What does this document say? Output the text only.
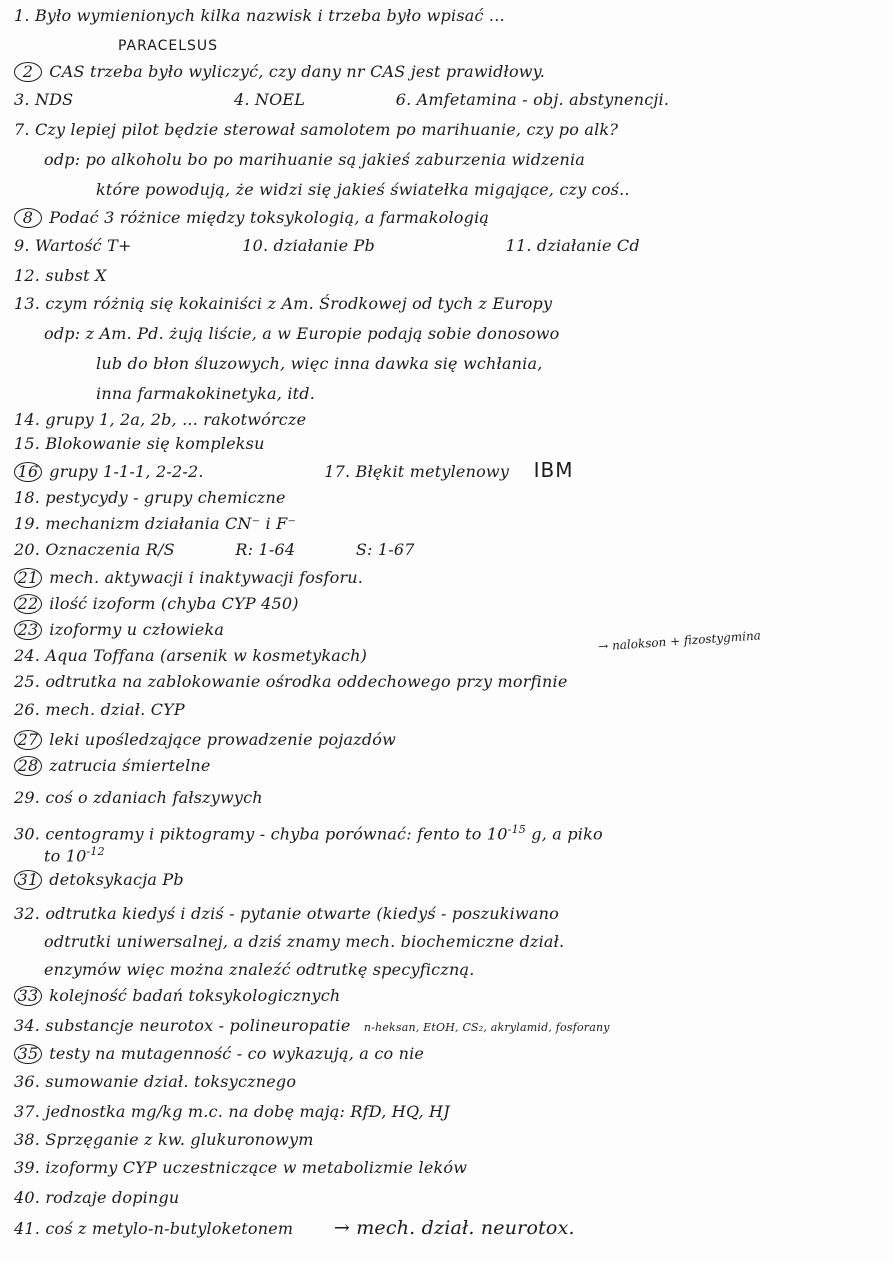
1. Było wymienionych kilka nazwisk i trzeba było wpisać ...
PARACELSUS
2 CAS trzeba było wyliczyć, czy dany nr CAS jest prawidłowy.
3. NDS	4. NOEL	6. Amfetamina - obj. abstynencji.
7. Czy lepiej pilot będzie sterował samolotem po marihuanie, czy po alk?
odp: po alkoholu bo po marihuanie są jakieś zaburzenia widzenia
które powodują, że widzi się jakieś światełka migające, czy coś..
8 Podać 3 różnice między toksykologią, a farmakologią
9. Wartość T+	10. działanie Pb	11. działanie Cd
12. subst X
13. czym różnią się kokainiści z Am. Środkowej od tych z Europy
odp: z Am. Pd. żują liście, a w Europie podają sobie donosowo
lub do błon śluzowych, więc inna dawka się wchłania,
inna farmakokinetyka, itd.
14. grupy 1, 2a, 2b, ... rakotwórcze
15. Blokowanie się kompleksu
16 grupy 1-1-1, 2-2-2.	17. Błękit metylenowy IBM
18. pestycydy - grupy chemiczne
19. mechanizm działania CN⁻ i F⁻
20. Oznaczenia R/S	R: 1-64	S: 1-67
21 mech. aktywacji i inaktywacji fosforu.
22 ilość izoform (chyba CYP 450)
23 izoformy u człowieka
24. Aqua Toffana (arsenik w kosmetykach)
→ nalokson + fizostygmina
25. odtrutka na zablokowanie ośrodka oddechowego przy morfinie
26. mech. dział. CYP
27 leki upośledzające prowadzenie pojazdów
28 zatrucia śmiertelne
29. coś o zdaniach fałszywych
30. centogramy i piktogramy - chyba porównać: fento to $10^{-15}$ g, a piko
to $10^{-12}$
31 detoksykacja Pb
32. odtrutka kiedyś i dziś - pytanie otwarte (kiedyś - poszukiwano
odtrutki uniwersalnej, a dziś znamy mech. biochemiczne dział.
enzymów więc można znaleźć odtrutkę specyficzną.
33 kolejność badań toksykologicznych
34. substancje neurotox - polineuropatie n-heksan, EtOH, CS₂, akrylamid, fosforany
35 testy na mutagenność - co wykazują, a co nie
36. sumowanie dział. toksycznego
37. jednostka mg/kg m.c. na dobę mają: RfD, HQ, HJ
38. Sprzęganie z kw. glukuronowym
39. izoformy CYP uczestniczące w metabolizmie leków
40. rodzaje dopingu
41. coś z metylo-n-butyloketonem → mech. dział. neurotox.
